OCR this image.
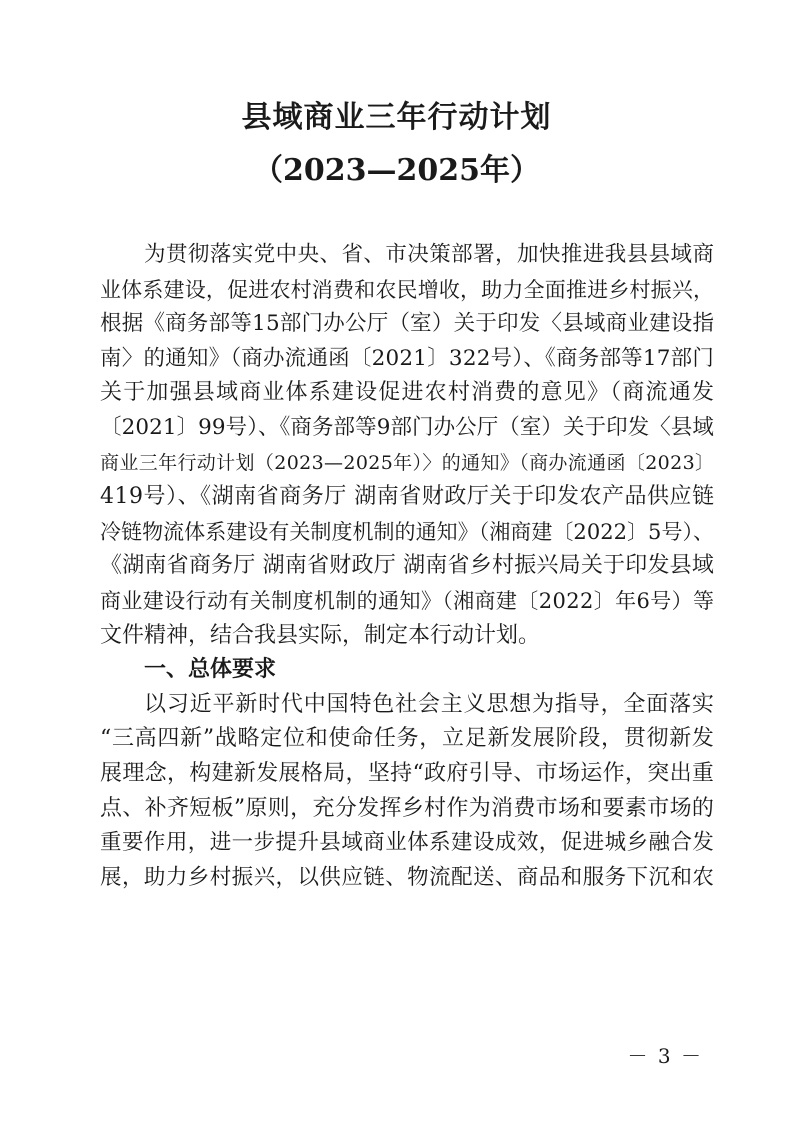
县域商业三年行动计划
（2023—2025年）
为贯彻落实党中央、省、市决策部署，加快推进我县县域商
业体系建设，促进农村消费和农民增收，助力全面推进乡村振兴，
根据《商务部等15部门办公厅（室）关于印发〈县域商业建设指
南〉的通知》（商办流通函〔2021〕322号）、《商务部等17部门
关于加强县域商业体系建设促进农村消费的意见》（商流通发
〔2021〕99号）、《商务部等9部门办公厅（室）关于印发〈县域
商业三年行动计划（2023—2025年）〉的通知》（商办流通函〔2023〕
419号）、《湖南省商务厅 湖南省财政厅关于印发农产品供应链
冷链物流体系建设有关制度机制的通知》（湘商建〔2022〕5号）、
《湖南省商务厅 湖南省财政厅 湖南省乡村振兴局关于印发县域
商业建设行动有关制度机制的通知》（湘商建〔2022〕年6号）等
文件精神，结合我县实际，制定本行动计划。
一、总体要求
以习近平新时代中国特色社会主义思想为指导，全面落实
“三高四新”战略定位和使命任务，立足新发展阶段，贯彻新发
展理念，构建新发展格局，坚持“政府引导、市场运作，突出重
点、补齐短板”原则，充分发挥乡村作为消费市场和要素市场的
重要作用，进一步提升县域商业体系建设成效，促进城乡融合发
展，助力乡村振兴，以供应链、物流配送、商品和服务下沉和农
－ 3 －
